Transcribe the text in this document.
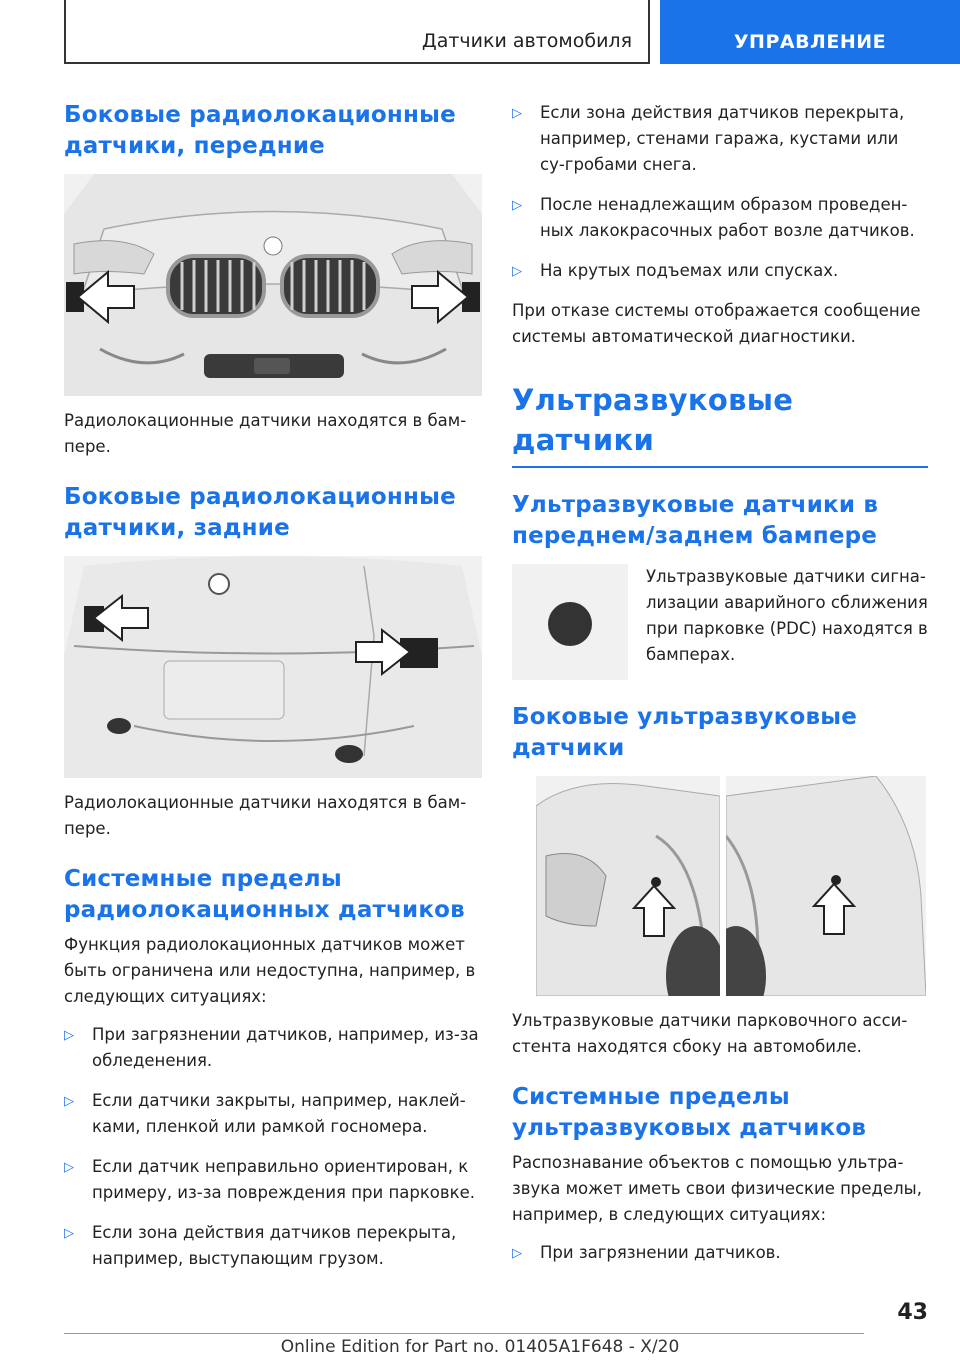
Датчики автомобиля	УПРАВЛЕНИЕ
Боковые радиолокационные датчики, передние

Радиолокационные датчики находятся в бам-пере.

Боковые радиолокационные датчики, задние

Радиолокационные датчики находятся в бам-пере.

Системные пределы радиолокационных датчиков

Функция радиолокационных датчиков может быть ограничена или недоступна, например, в следующих ситуациях:

▷ При загрязнении датчиков, например, из-за обледенения.
▷ Если датчики закрыты, например, наклей-ками, пленкой или рамкой госномера.
▷ Если датчик неправильно ориентирован, к примеру, из-за повреждения при парковке.
▷ Если зона действия датчиков перекрыта, например, выступающим грузом.
▷ Если зона действия датчиков перекрыта, например, стенами гаража, кустами или су-гробами снега.
▷ После ненадлежащим образом проведен-ных лакокрасочных работ возле датчиков.
▷ На крутых подъемах или спусках.

При отказе системы отображается сообщение системы автоматической диагностики.

Ультразвуковые датчики
Ультразвуковые датчики в переднем/заднем бампере

Ультразвуковые датчики сигна-лизации аварийного сближения при парковке (PDC) находятся в бамперах.

Боковые ультразвуковые датчики

Ультразвуковые датчики парковочного асси-стента находятся сбоку на автомобиле.

Системные пределы ультразвуковых датчиков

Распознавание объектов с помощью ультра-звука может иметь свои физические пределы, например, в следующих ситуациях:

▷ При загрязнении датчиков.
43
Online Edition for Part no. 01405A1F648 - X/20
